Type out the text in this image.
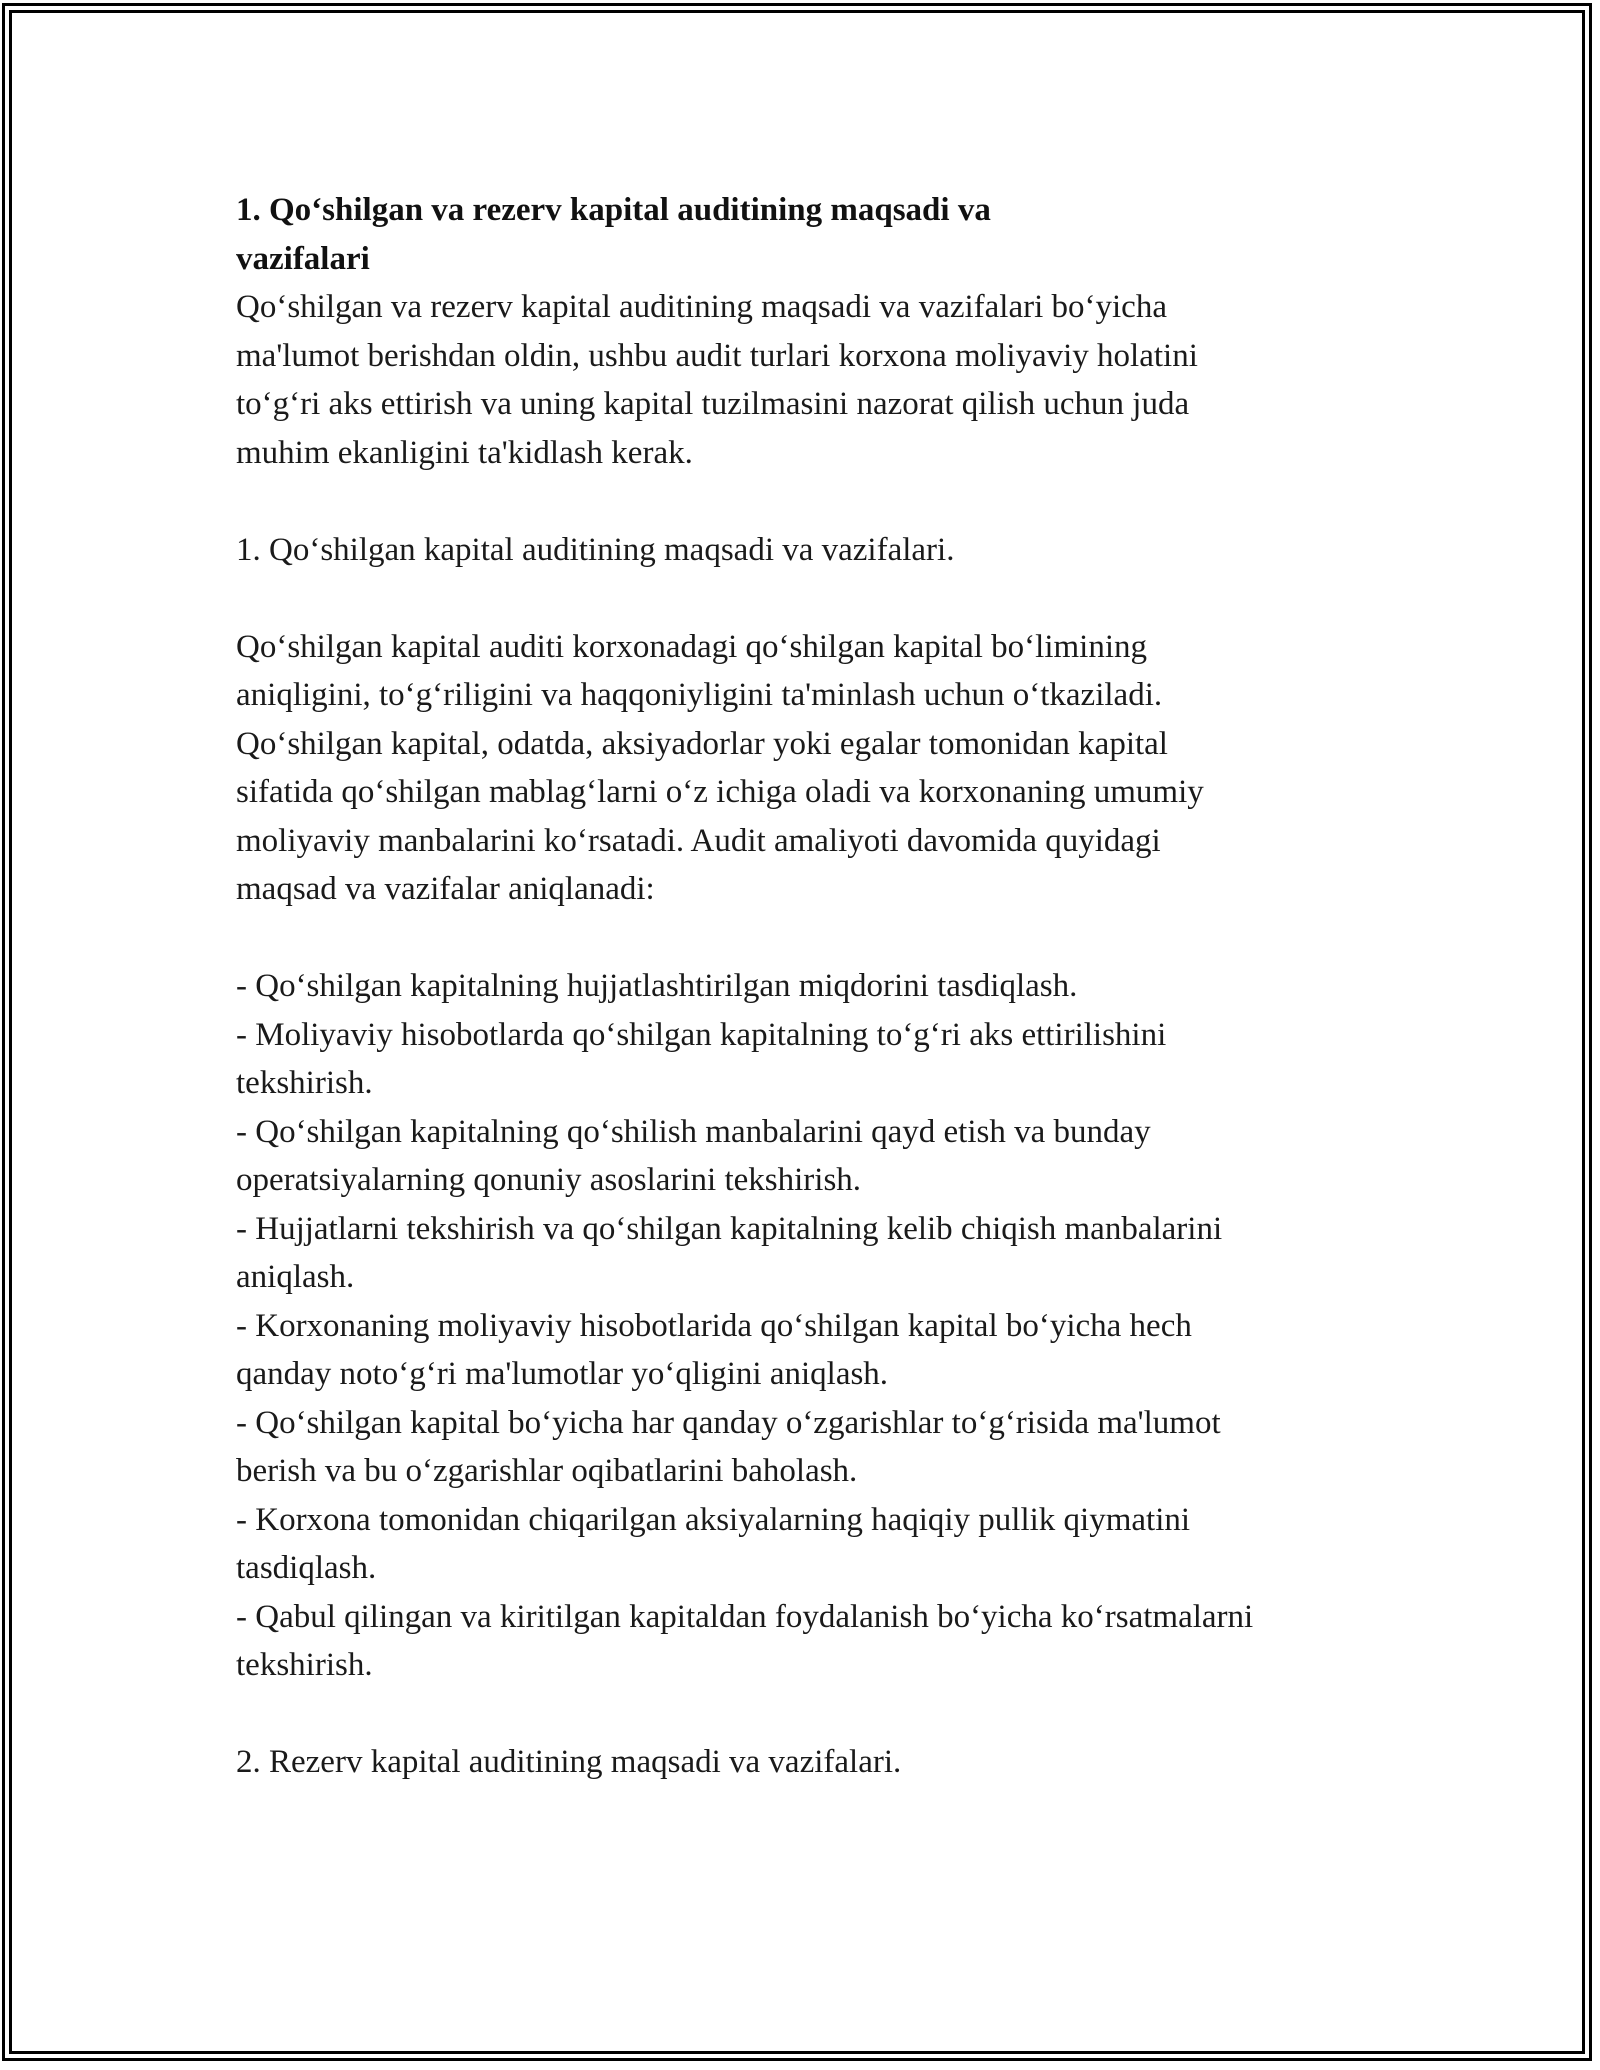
1. Qo‘shilgan va rezerv kapital auditining maqsadi va
vazifalari

Qo‘shilgan va rezerv kapital auditining maqsadi va vazifalari bo‘yicha
ma'lumot berishdan oldin, ushbu audit turlari korxona moliyaviy holatini
to‘g‘ri aks ettirish va uning kapital tuzilmasini nazorat qilish uchun juda
muhim ekanligini ta'kidlash kerak.

1. Qo‘shilgan kapital auditining maqsadi va vazifalari.

Qo‘shilgan kapital auditi korxonadagi qo‘shilgan kapital bo‘limining
aniqligini, to‘g‘riligini va haqqoniyligini ta'minlash uchun o‘tkaziladi.
Qo‘shilgan kapital, odatda, aksiyadorlar yoki egalar tomonidan kapital
sifatida qo‘shilgan mablag‘larni o‘z ichiga oladi va korxonaning umumiy
moliyaviy manbalarini ko‘rsatadi. Audit amaliyoti davomida quyidagi
maqsad va vazifalar aniqlanadi:

- Qo‘shilgan kapitalning hujjatlashtirilgan miqdorini tasdiqlash.
- Moliyaviy hisobotlarda qo‘shilgan kapitalning to‘g‘ri aks ettirilishini
tekshirish.
- Qo‘shilgan kapitalning qo‘shilish manbalarini qayd etish va bunday
operatsiyalarning qonuniy asoslarini tekshirish.
- Hujjatlarni tekshirish va qo‘shilgan kapitalning kelib chiqish manbalarini
aniqlash.
- Korxonaning moliyaviy hisobotlarida qo‘shilgan kapital bo‘yicha hech
qanday noto‘g‘ri ma'lumotlar yo‘qligini aniqlash.
- Qo‘shilgan kapital bo‘yicha har qanday o‘zgarishlar to‘g‘risida ma'lumot
berish va bu o‘zgarishlar oqibatlarini baholash.
- Korxona tomonidan chiqarilgan aksiyalarning haqiqiy pullik qiymatini
tasdiqlash.
- Qabul qilingan va kiritilgan kapitaldan foydalanish bo‘yicha ko‘rsatmalarni
tekshirish.

2. Rezerv kapital auditining maqsadi va vazifalari.
